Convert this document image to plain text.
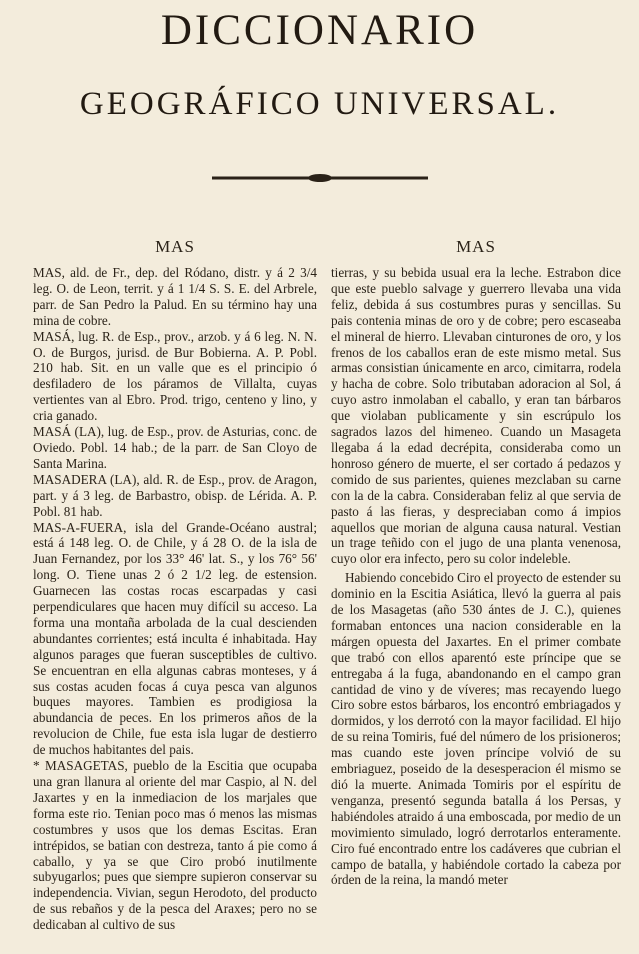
DICCIONARIO
GEOGRÁFICO UNIVERSAL.
MAS

MAS, ald. de Fr., dep. del Ródano, distr. y á 2 3/4 leg. O. de Leon, territ. y á 1 1/4 S. S. E. del Arbrele, parr. de San Pedro la Palud. En su término hay una mina de cobre.

MASÁ, lug. R. de Esp., prov., arzob. y á 6 leg. N. N. O. de Burgos, jurisd. de Bur Bobierna. A. P. Pobl. 210 hab. Sit. en un valle que es el principio ó desfiladero de los páramos de Villalta, cuyas vertientes van al Ebro. Prod. trigo, centeno y lino, y cria ganado.

MASÁ (LA), lug. de Esp., prov. de Asturias, conc. de Oviedo. Pobl. 14 hab.; de la parr. de San Cloyo de Santa Marina.

MASADERA (LA), ald. R. de Esp., prov. de Aragon, part. y á 3 leg. de Barbastro, obisp. de Lérida. A. P. Pobl. 81 hab.

MAS-A-FUERA, isla del Grande-Océano austral; está á 148 leg. O. de Chile, y á 28 O. de la isla de Juan Fernandez, por los 33° 46' lat. S., y los 76° 56' long. O. Tiene unas 2 ó 2 1/2 leg. de estension. Guarnecen las costas rocas escarpadas y casi perpendiculares que hacen muy difícil su acceso. La forma una montaña arbolada de la cual descienden abundantes corrientes; está inculta é inhabitada. Hay algunos parages que fueran susceptibles de cultivo. Se encuentran en ella algunas cabras monteses, y á sus costas acuden focas á cuya pesca van algunos buques mayores. Tambien es prodigiosa la abundancia de peces. En los primeros años de la revolucion de Chile, fue esta isla lugar de destierro de muchos habitantes del pais.

* MASAGETAS, pueblo de la Escitia que ocupaba una gran llanura al oriente del mar Caspio, al N. del Jaxartes y en la inmediacion de los marjales que forma este rio. Tenian poco mas ó menos las mismas costumbres y usos que los demas Escitas. Eran intrépidos, se batian con destreza, tanto á pie como á caballo, y ya se que Ciro probó inutilmente subyugarlos; pues que siempre supieron conservar su independencia. Vivian, segun Herodoto, del producto de sus rebaños y de la pesca del Araxes; pero no se dedicaban al cultivo de sus

MAS

tierras, y su bebida usual era la leche. Estrabon dice que este pueblo salvage y guerrero llevaba una vida feliz, debida á sus costumbres puras y sencillas. Su pais contenia minas de oro y de cobre; pero escaseaba el mineral de hierro. Llevaban cinturones de oro, y los frenos de los caballos eran de este mismo metal. Sus armas consistian únicamente en arco, cimitarra, rodela y hacha de cobre. Solo tributaban adoracion al Sol, á cuyo astro inmolaban el caballo, y eran tan bárbaros que violaban publicamente y sin escrúpulo los sagrados lazos del himeneo. Cuando un Masageta llegaba á la edad decrépita, consideraba como un honroso género de muerte, el ser cortado á pedazos y comido de sus parientes, quienes mezclaban su carne con la de la cabra. Consideraban feliz al que servia de pasto á las fieras, y despreciaban como á impios aquellos que morian de alguna causa natural. Vestian un trage teñido con el jugo de una planta venenosa, cuyo olor era infecto, pero su color indeleble.

Habiendo concebido Ciro el proyecto de estender su dominio en la Escitia Asiática, llevó la guerra al pais de los Masagetas (año 530 ántes de J. C.), quienes formaban entonces una nacion considerable en la márgen opuesta del Jaxartes. En el primer combate que trabó con ellos aparentó este príncipe que se entregaba á la fuga, abandonando en el campo gran cantidad de vino y de víveres; mas recayendo luego Ciro sobre estos bárbaros, los encontró embriagados y dormidos, y los derrotó con la mayor facilidad. El hijo de su reina Tomiris, fué del número de los prisioneros; mas cuando este joven príncipe volvió de su embriaguez, poseido de la desesperacion él mismo se dió la muerte. Animada Tomiris por el espíritu de venganza, presentó segunda batalla á los Persas, y habiéndoles atraido á una emboscada, por medio de un movimiento simulado, logró derrotarlos enteramente. Ciro fué encontrado entre los cadáveres que cubrian el campo de batalla, y habiéndole cortado la cabeza por órden de la reina, la mandó meter
